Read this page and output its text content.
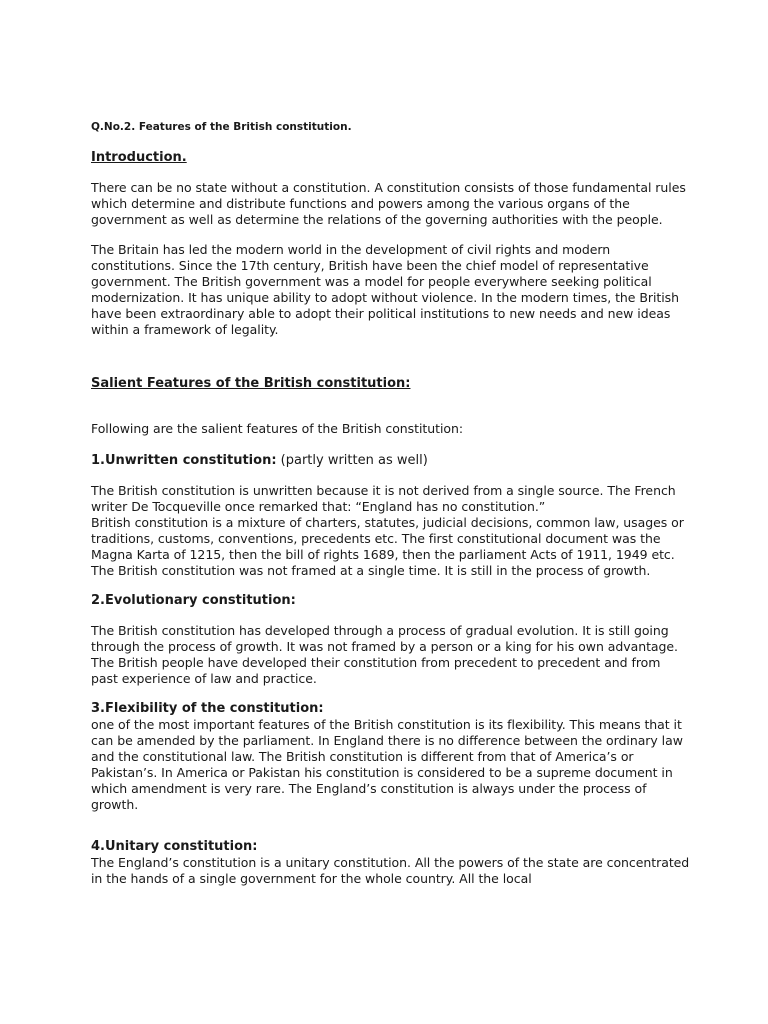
Q.No.2. Features of the British constitution.

Introduction.

There can be no state without a constitution. A constitution consists of those fundamental rules which determine and distribute functions and powers among the various organs of the government as well as determine the relations of the governing authorities with the people.

The Britain has led the modern world in the development of civil rights and modern constitutions. Since the 17th century, British have been the chief model of representative government. The British government was a model for people everywhere seeking political modernization. It has unique ability to adopt without violence. In the modern times, the British have been extraordinary able to adopt their political institutions to new needs and new ideas within a framework of legality.

Salient Features of the British constitution:

Following are the salient features of the British constitution:

1.Unwritten constitution: (partly written as well)

The British constitution is unwritten because it is not derived from a single source. The French writer De Tocqueville once remarked that: “England has no constitution.”

British constitution is a mixture of charters, statutes, judicial decisions, common law, usages or traditions, customs, conventions, precedents etc. The first constitutional document was the Magna Karta of 1215, then the bill of rights 1689, then the parliament Acts of 1911, 1949 etc. The British constitution was not framed at a single time. It is still in the process of growth.

2.Evolutionary constitution:

The British constitution has developed through a process of gradual evolution. It is still going through the process of growth. It was not framed by a person or a king for his own advantage. The British people have developed their constitution from precedent to precedent and from past experience of law and practice.

3.Flexibility of the constitution:

one of the most important features of the British constitution is its flexibility. This means that it can be amended by the parliament. In England there is no difference between the ordinary law and the constitutional law. The British constitution is different from that of America’s or Pakistan’s. In America or Pakistan his constitution is considered to be a supreme document in which amendment is very rare. The England’s constitution is always under the process of growth.

4.Unitary constitution:

The England’s constitution is a unitary constitution. All the powers of the state are concentrated in the hands of a single government for the whole country. All the local
